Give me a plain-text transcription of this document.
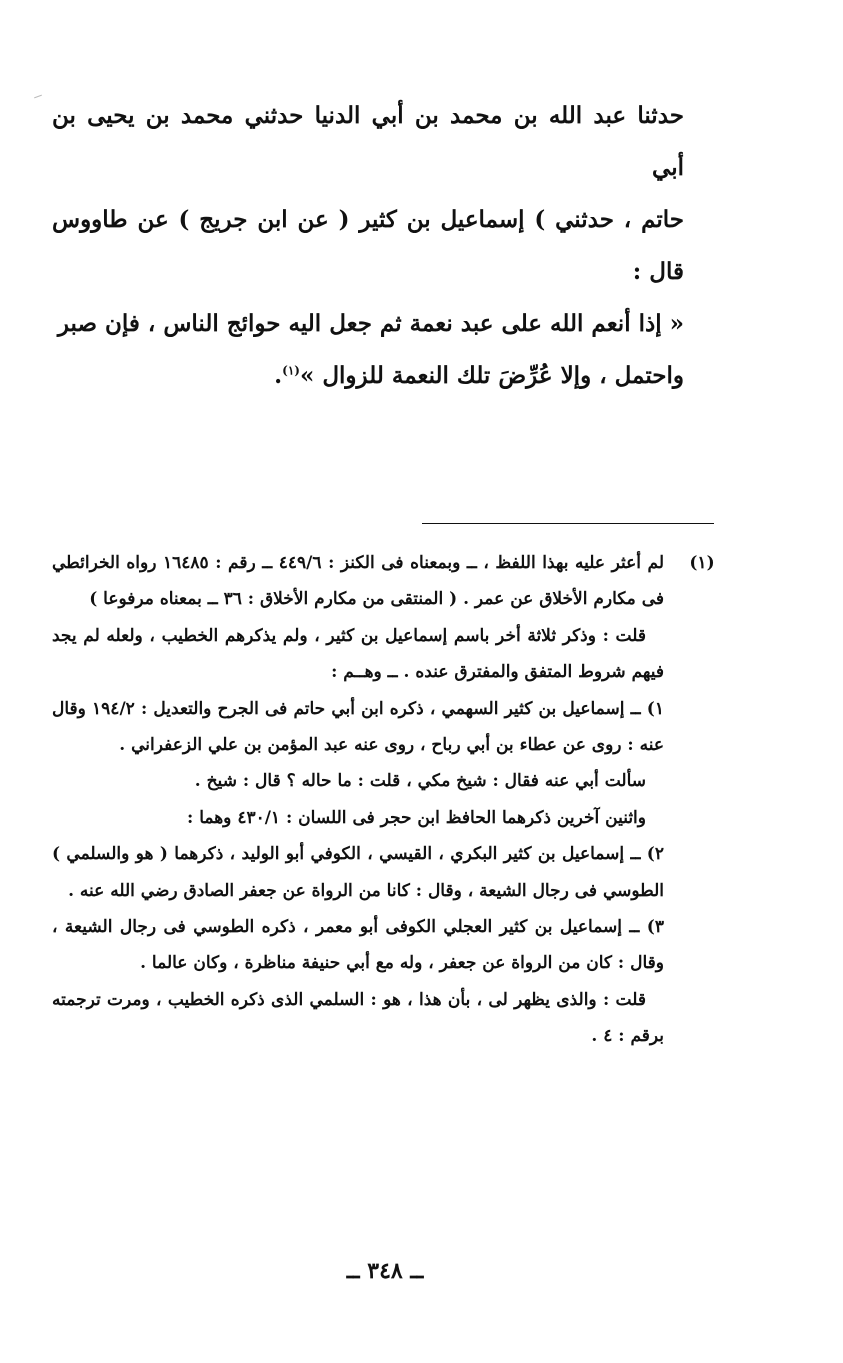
حدثنا عبد الله بن محمد بن أبي الدنيا حدثني محمد بن يحيى بن أبي

حاتم ، حدثني ) إسماعيل بن كثير ( عن ابن جريج ) عن طاووس قال :

« إذا أنعم الله على عبد نعمة ثم جعل اليه حوائج الناس ، فإن صبر

واحتمل ، وإلا عُرِّضَ تلك النعمة للزوال »$^{(١)}$.

(١)

لم أعثر عليه بهذا اللفظ ، ــ وبمعناه فى الكنز : ٤٤٩/٦ ــ رقم : ١٦٤٨٥ رواه الخرائطي فى مكارم الأخلاق عن عمر . ( المنتقى من مكارم الأخلاق : ٣٦ ــ بمعناه مرفوعا )

قلت : وذكر ثلاثة أخر باسم إسماعيل بن كثير ، ولم يذكرهم الخطيب ، ولعله لم يجد فيهم شروط المتفق والمفترق عنده . ــ وهــم :

١) ــ إسماعيل بن كثير السهمي ، ذكره ابن أبي حاتم فى الجرح والتعديل : ١٩٤/٢ وقال عنه : روى عن عطاء بن أبي رباح ، روى عنه عبد المؤمن بن علي الزعفراني .

سألت أبي عنه فقال : شيخ مكي ، قلت : ما حاله ؟ قال : شيخ .

واثنين آخرين ذكرهما الحافظ ابن حجر فى اللسان : ٤٣٠/١ وهما :

٢) ــ إسماعيل بن كثير البكري ، القيسي ، الكوفي أبو الوليد ، ذكرهما ( هو والسلمي ) الطوسي فى رجال الشيعة ، وقال : كانا من الرواة عن جعفر الصادق رضي الله عنه .

٣) ــ إسماعيل بن كثير العجلي الكوفى أبو معمر ، ذكره الطوسي فى رجال الشيعة ، وقال : كان من الرواة عن جعفر ، وله مع أبي حنيفة مناظرة ، وكان عالما .

قلت : والذى يظهر لى ، بأن هذا ، هو : السلمي الذى ذكره الخطيب ، ومرت ترجمته برقم : ٤ .

ــ ٣٤٨ ــ
